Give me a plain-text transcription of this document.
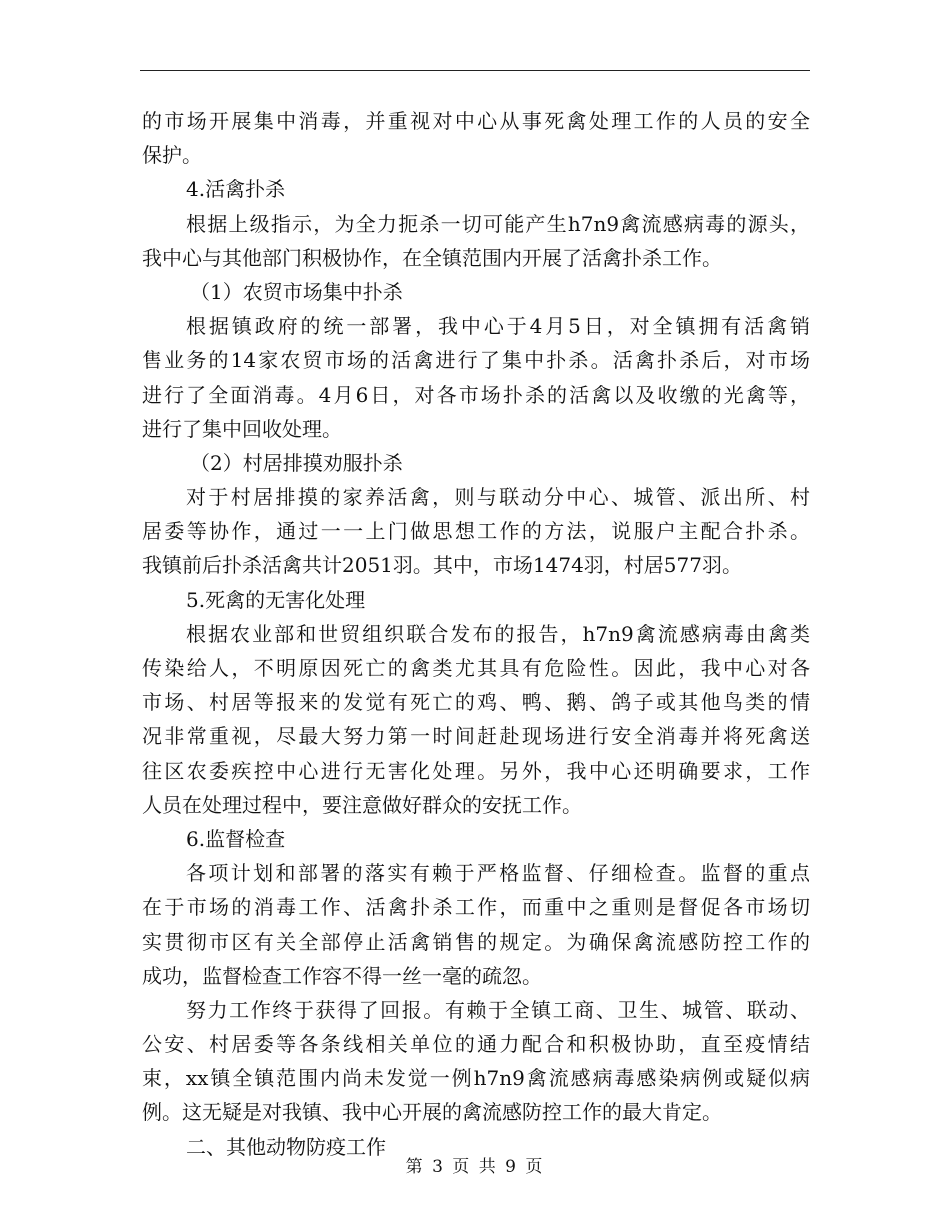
的市场开展集中消毒，并重视对中心从事死禽处理工作的人员的安全
保护。
4.活禽扑杀
根据上级指示，为全力扼杀一切可能产生h7n9禽流感病毒的源头，
我中心与其他部门积极协作，在全镇范围内开展了活禽扑杀工作。
（1）农贸市场集中扑杀
根据镇政府的统一部署，我中心于4月5日，对全镇拥有活禽销
售业务的14家农贸市场的活禽进行了集中扑杀。活禽扑杀后，对市场
进行了全面消毒。4月6日，对各市场扑杀的活禽以及收缴的光禽等，
进行了集中回收处理。
（2）村居排摸劝服扑杀
对于村居排摸的家养活禽，则与联动分中心、城管、派出所、村
居委等协作，通过一一上门做思想工作的方法，说服户主配合扑杀。
我镇前后扑杀活禽共计2051羽。其中，市场1474羽，村居577羽。
5.死禽的无害化处理
根据农业部和世贸组织联合发布的报告，h7n9禽流感病毒由禽类
传染给人，不明原因死亡的禽类尤其具有危险性。因此，我中心对各
市场、村居等报来的发觉有死亡的鸡、鸭、鹅、鸽子或其他鸟类的情
况非常重视，尽最大努力第一时间赶赴现场进行安全消毒并将死禽送
往区农委疾控中心进行无害化处理。另外，我中心还明确要求，工作
人员在处理过程中，要注意做好群众的安抚工作。
6.监督检查
各项计划和部署的落实有赖于严格监督、仔细检查。监督的重点
在于市场的消毒工作、活禽扑杀工作，而重中之重则是督促各市场切
实贯彻市区有关全部停止活禽销售的规定。为确保禽流感防控工作的
成功，监督检查工作容不得一丝一毫的疏忽。
努力工作终于获得了回报。有赖于全镇工商、卫生、城管、联动、
公安、村居委等各条线相关单位的通力配合和积极协助，直至疫情结
束，xx镇全镇范围内尚未发觉一例h7n9禽流感病毒感染病例或疑似病
例。这无疑是对我镇、我中心开展的禽流感防控工作的最大肯定。
二、其他动物防疫工作
第 3 页 共 9 页
